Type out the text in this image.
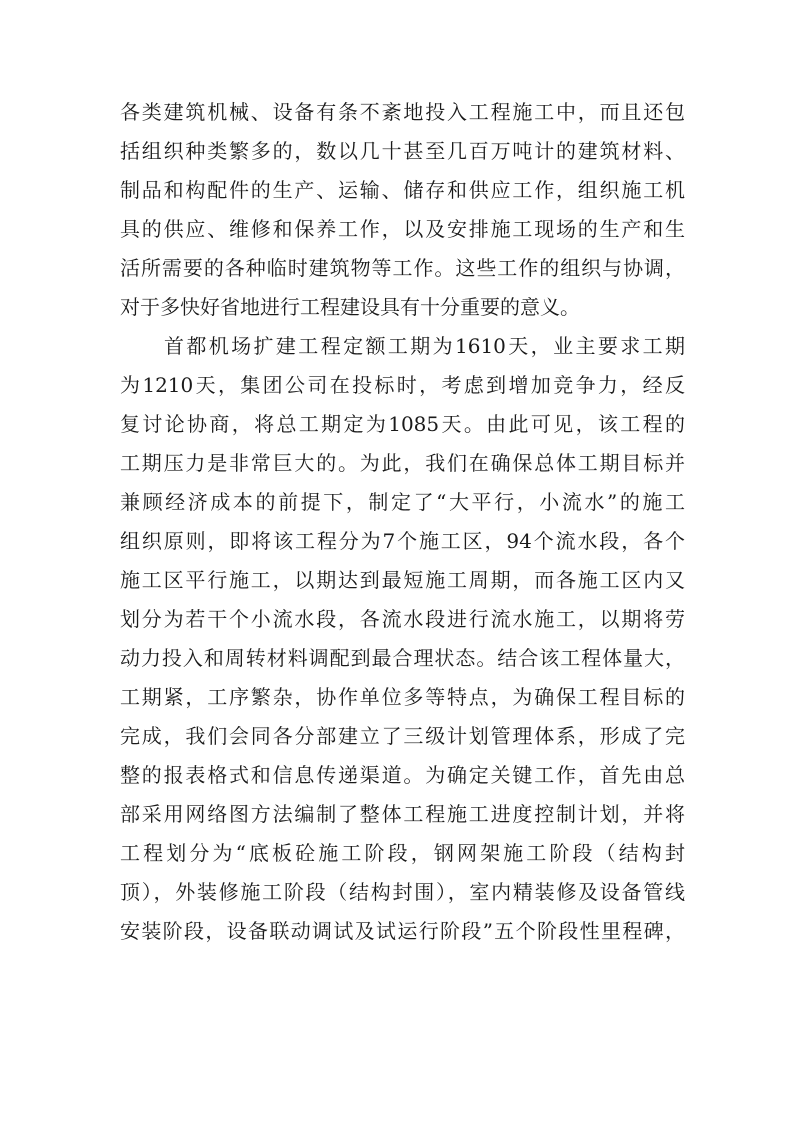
各类建筑机械、设备有条不紊地投入工程施工中，而且还包
括组织种类繁多的，数以几十甚至几百万吨计的建筑材料、
制品和构配件的生产、运输、储存和供应工作，组织施工机
具的供应、维修和保养工作，以及安排施工现场的生产和生
活所需要的各种临时建筑物等工作。这些工作的组织与协调，
对于多快好省地进行工程建设具有十分重要的意义。
首都机场扩建工程定额工期为1610天，业主要求工期
为1210天，集团公司在投标时，考虑到增加竞争力，经反
复讨论协商，将总工期定为1085天。由此可见，该工程的
工期压力是非常巨大的。为此，我们在确保总体工期目标并
兼顾经济成本的前提下，制定了“大平行，小流水”的施工
组织原则，即将该工程分为7个施工区，94个流水段，各个
施工区平行施工，以期达到最短施工周期，而各施工区内又
划分为若干个小流水段，各流水段进行流水施工，以期将劳
动力投入和周转材料调配到最合理状态。结合该工程体量大，
工期紧，工序繁杂，协作单位多等特点，为确保工程目标的
完成，我们会同各分部建立了三级计划管理体系，形成了完
整的报表格式和信息传递渠道。为确定关键工作，首先由总
部采用网络图方法编制了整体工程施工进度控制计划，并将
工程划分为“底板砼施工阶段，钢网架施工阶段（结构封
顶），外装修施工阶段（结构封围），室内精装修及设备管线
安装阶段，设备联动调试及试运行阶段”五个阶段性里程碑，
